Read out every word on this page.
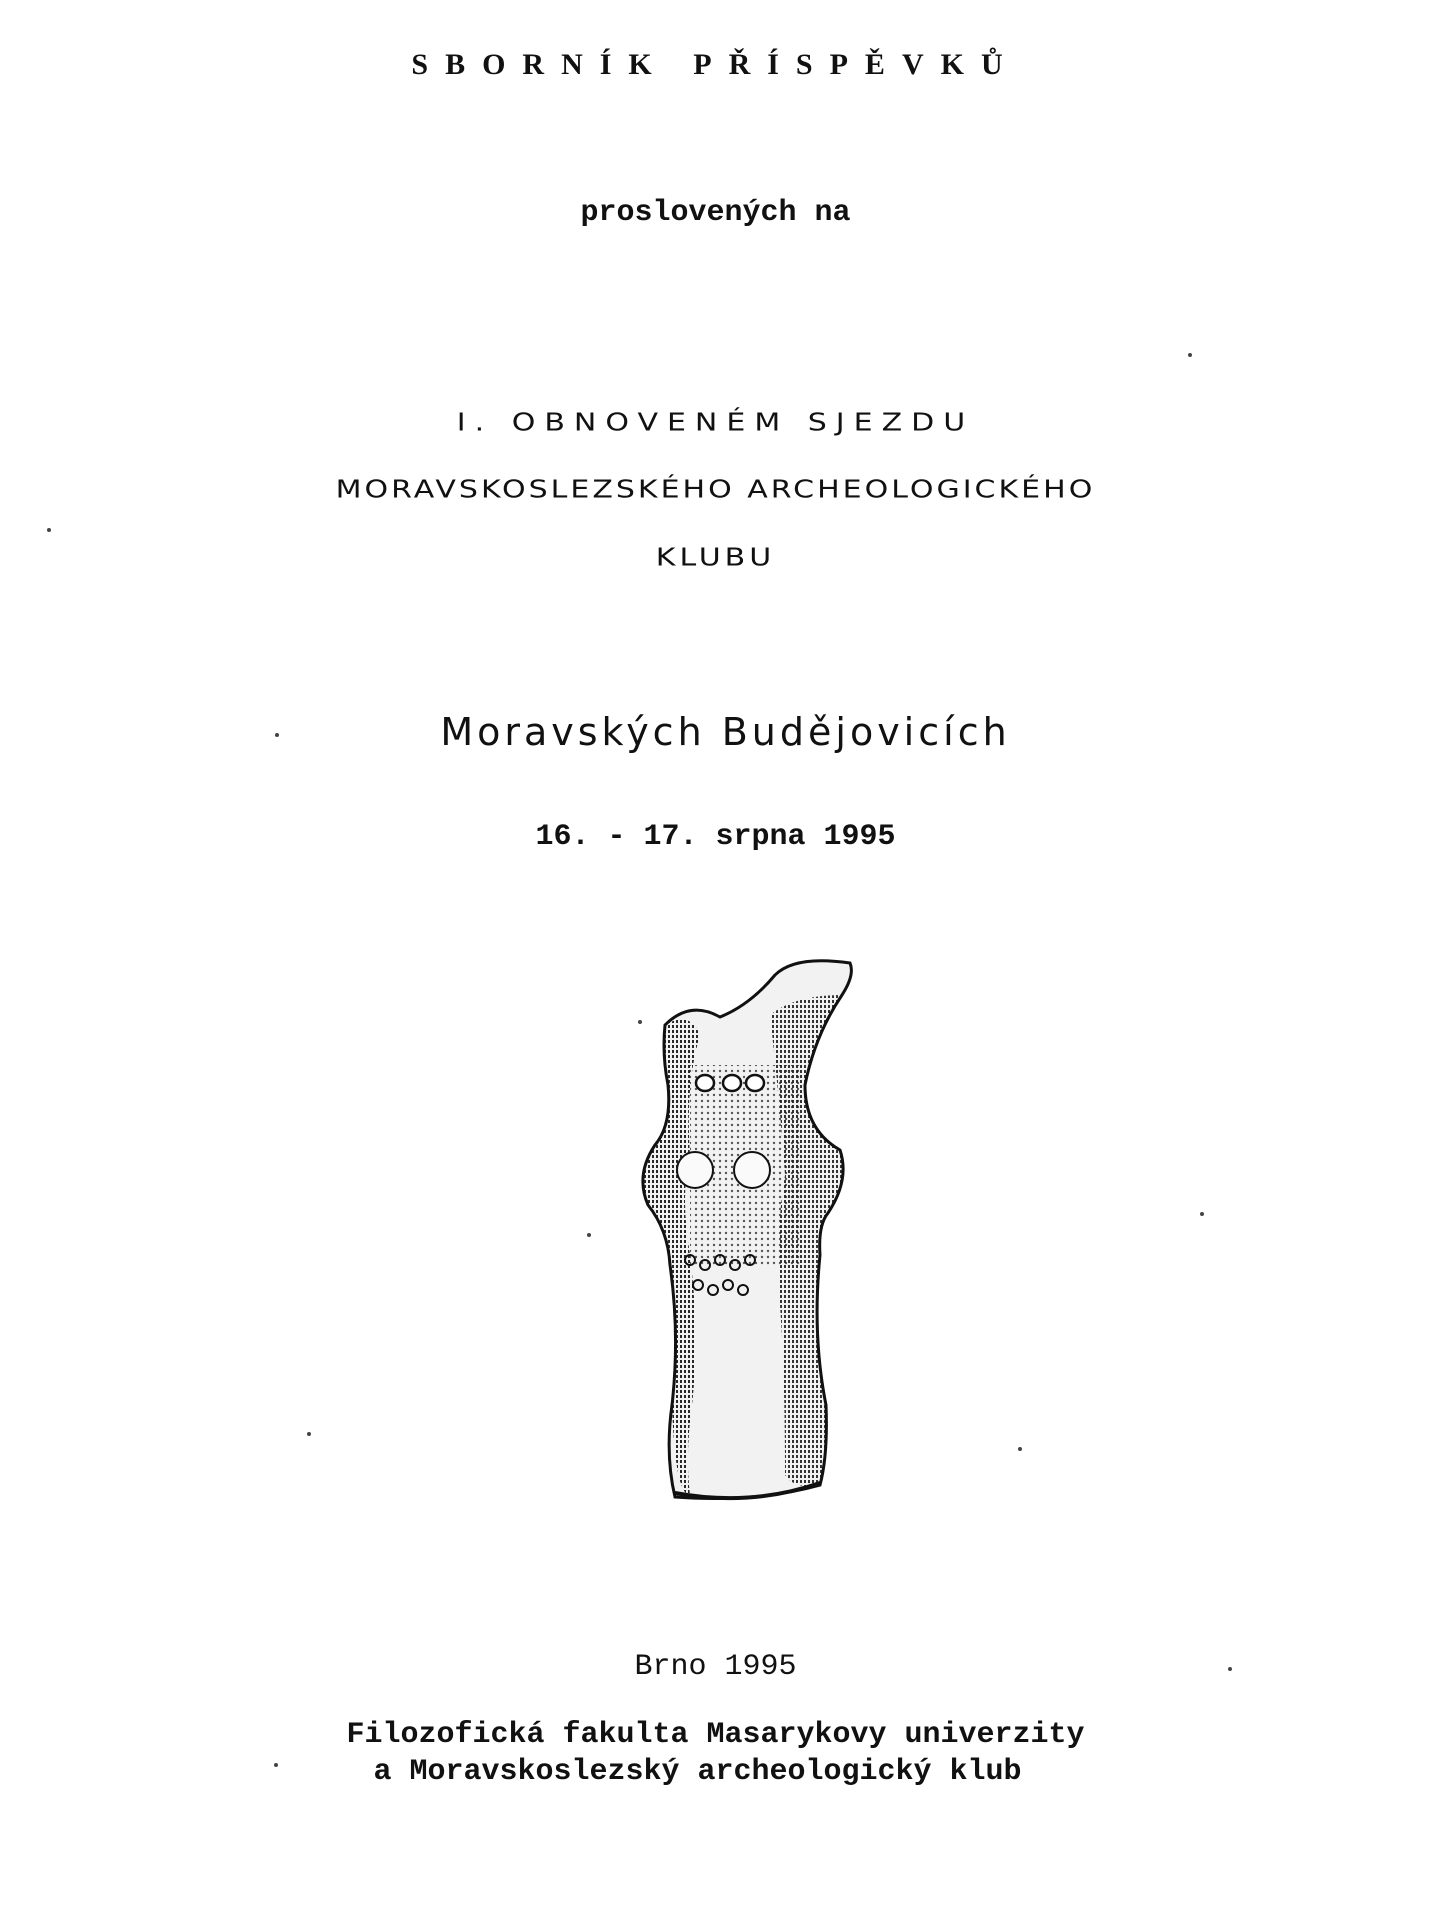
SBORNÍK PŘÍSPĚVKŮ
proslovených na
I. OBNOVENÉM SJEZDU
MORAVSKOSLEZSKÉHO ARCHEOLOGICKÉHO
KLUBU
Moravských Budějovicích
16. - 17. srpna 1995
Brno 1995
Filozofická fakulta Masarykovy univerzity
a Moravskoslezský archeologický klub
